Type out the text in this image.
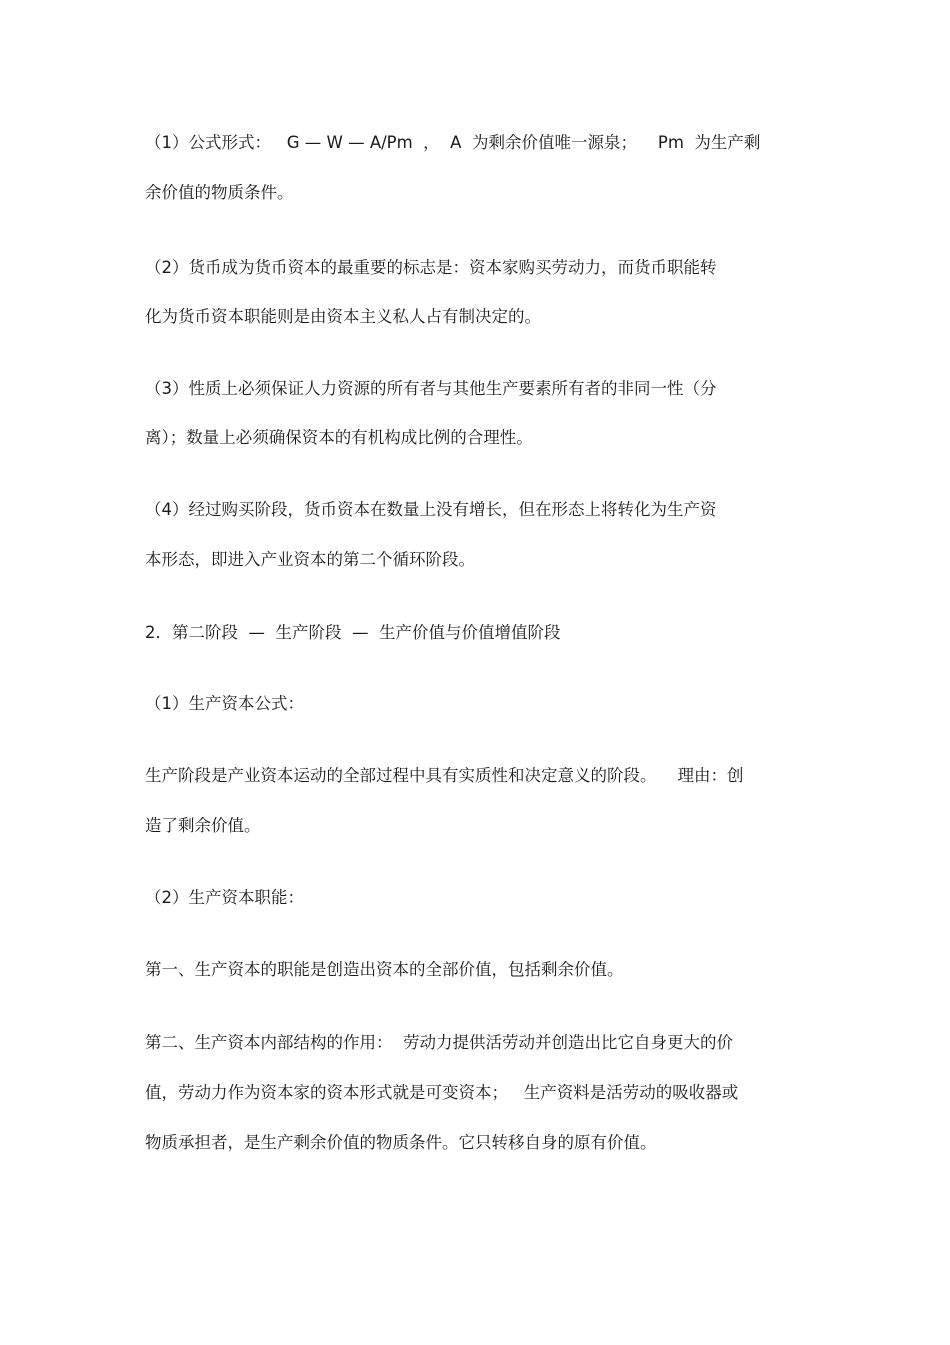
（1）公式形式：   G — W — A/Pm  ，  A  为剩余价值唯一源泉；    Pm  为生产剩
余价值的物质条件。
（2）货币成为货币资本的最重要的标志是：资本家购买劳动力，而货币职能转
化为货币资本职能则是由资本主义私人占有制决定的。
（3）性质上必须保证人力资源的所有者与其他生产要素所有者的非同一性（分
离）；数量上必须确保资本的有机构成比例的合理性。
（4）经过购买阶段，货币资本在数量上没有增长，但在形态上将转化为生产资
本形态，即进入产业资本的第二个循环阶段。
2．第二阶段  —  生产阶段  —  生产价值与价值增值阶段
（1）生产资本公式：
生产阶段是产业资本运动的全部过程中具有实质性和决定意义的阶段。    理由：创
造了剩余价值。
（2）生产资本职能：
第一、生产资本的职能是创造出资本的全部价值，包括剩余价值。
第二、生产资本内部结构的作用：  劳动力提供活劳动并创造出比它自身更大的价
值，劳动力作为资本家的资本形式就是可变资本；   生产资料是活劳动的吸收器或
物质承担者，是生产剩余价值的物质条件。它只转移自身的原有价值。
